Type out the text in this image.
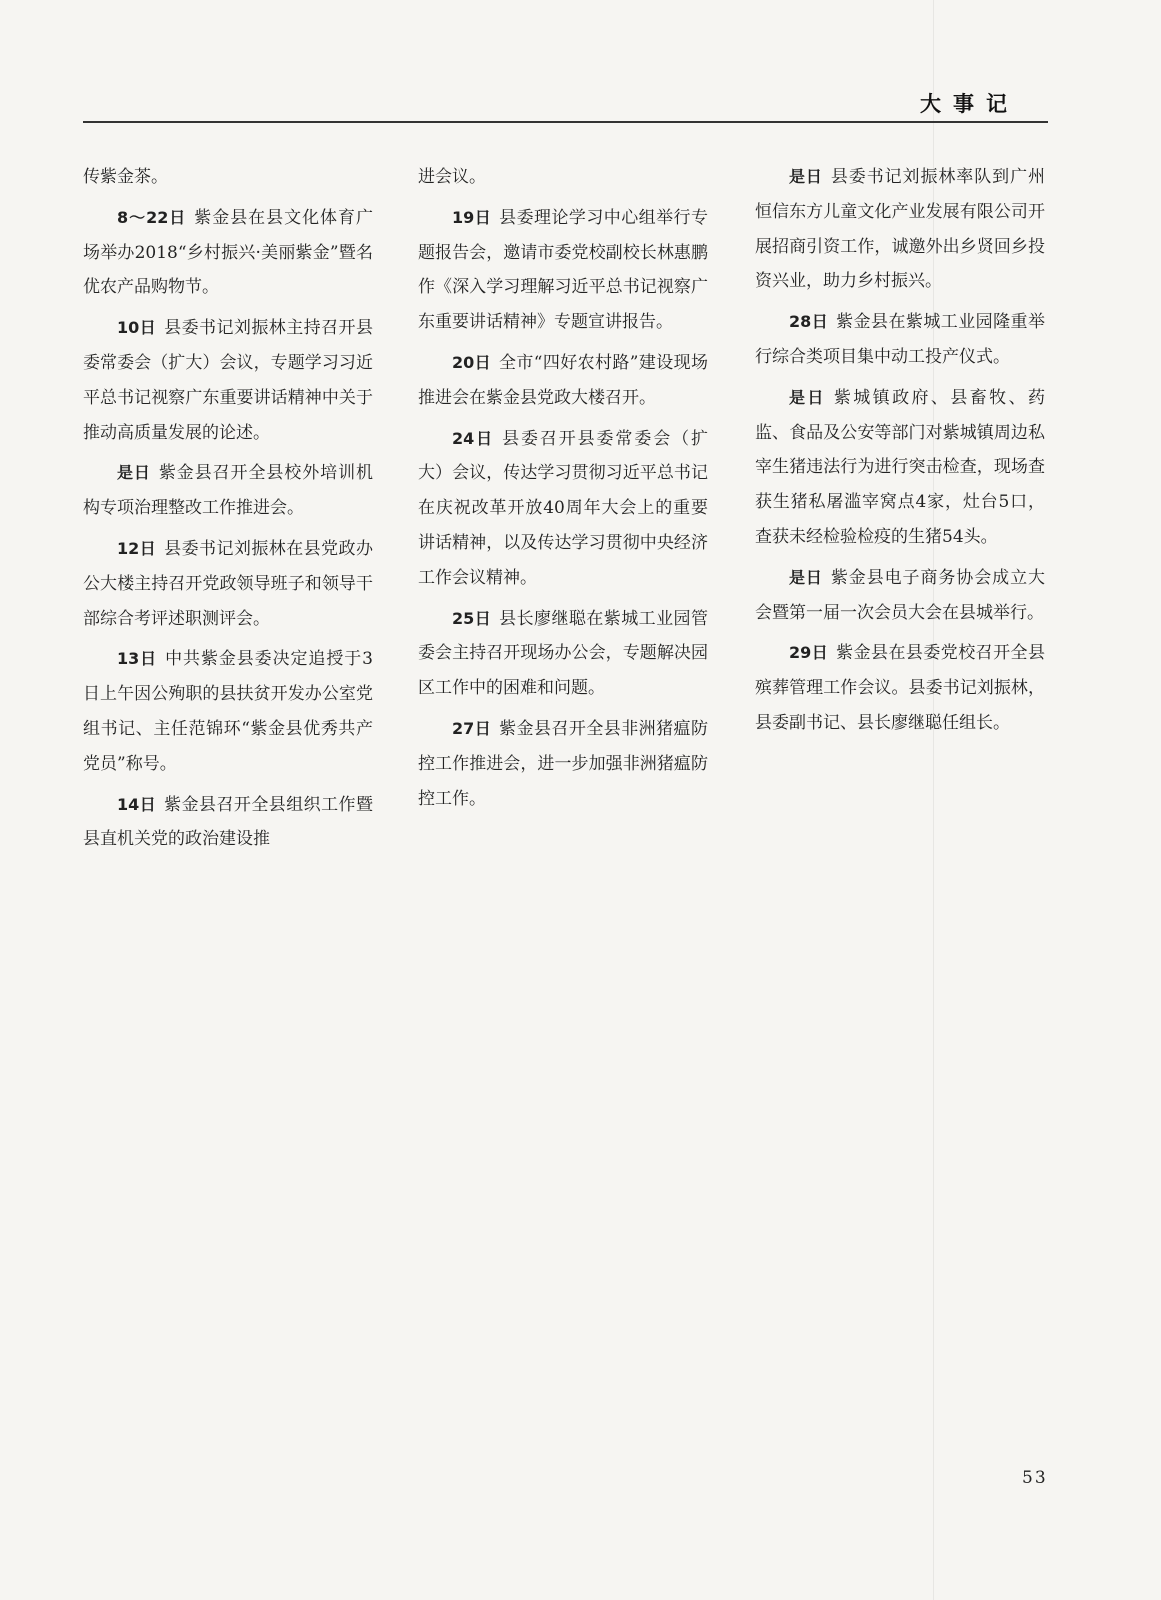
大事记

传紫金茶。

8～22日 紫金县在县文化体育广场举办2018“乡村振兴·美丽紫金”暨名优农产品购物节。

10日 县委书记刘振林主持召开县委常委会（扩大）会议，专题学习习近平总书记视察广东重要讲话精神中关于推动高质量发展的论述。

是日 紫金县召开全县校外培训机构专项治理整改工作推进会。

12日 县委书记刘振林在县党政办公大楼主持召开党政领导班子和领导干部综合考评述职测评会。

13日 中共紫金县委决定追授于3日上午因公殉职的县扶贫开发办公室党组书记、主任范锦环“紫金县优秀共产党员”称号。

14日 紫金县召开全县组织工作暨县直机关党的政治建设推

进会议。

19日 县委理论学习中心组举行专题报告会，邀请市委党校副校长林惠鹏作《深入学习理解习近平总书记视察广东重要讲话精神》专题宣讲报告。

20日 全市“四好农村路”建设现场推进会在紫金县党政大楼召开。

24日 县委召开县委常委会（扩大）会议，传达学习贯彻习近平总书记在庆祝改革开放40周年大会上的重要讲话精神，以及传达学习贯彻中央经济工作会议精神。

25日 县长廖继聪在紫城工业园管委会主持召开现场办公会，专题解决园区工作中的困难和问题。

27日 紫金县召开全县非洲猪瘟防控工作推进会，进一步加强非洲猪瘟防控工作。

是日 县委书记刘振林率队到广州恒信东方儿童文化产业发展有限公司开展招商引资工作，诚邀外出乡贤回乡投资兴业，助力乡村振兴。

28日 紫金县在紫城工业园隆重举行综合类项目集中动工投产仪式。

是日 紫城镇政府、县畜牧、药监、食品及公安等部门对紫城镇周边私宰生猪违法行为进行突击检查，现场查获生猪私屠滥宰窝点4家，灶台5口，查获未经检验检疫的生猪54头。

是日 紫金县电子商务协会成立大会暨第一届一次会员大会在县城举行。

29日 紫金县在县委党校召开全县殡葬管理工作会议。县委书记刘振林，县委副书记、县长廖继聪任组长。

53
